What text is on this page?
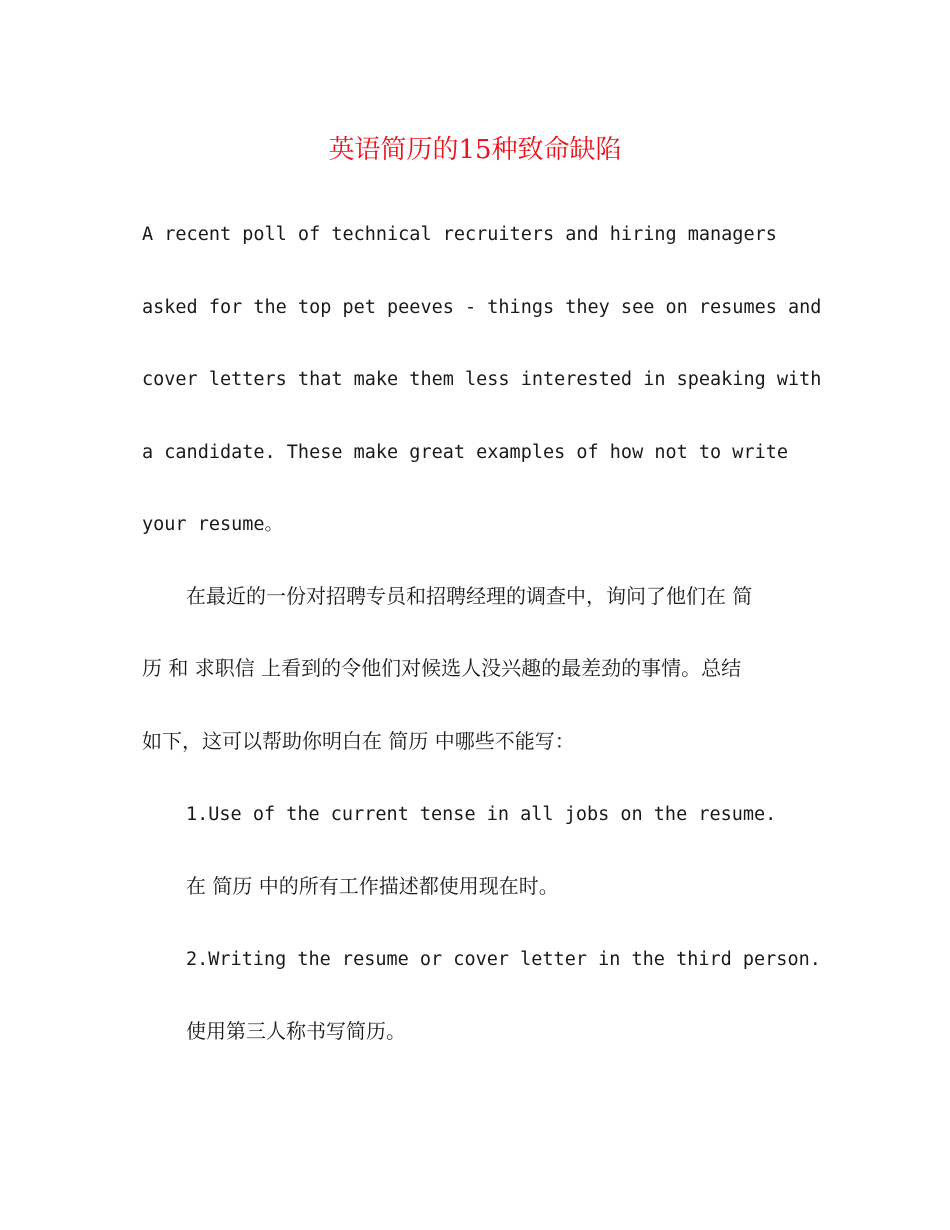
英语简历的15种致命缺陷

A recent poll of technical recruiters and hiring managers

asked for the top pet peeves - things they see on resumes and

cover letters that make them less interested in speaking with

a candidate. These make great examples of how not to write

your resume。

在最近的一份对招聘专员和招聘经理的调查中，询问了他们在 简

历 和 求职信 上看到的令他们对候选人没兴趣的最差劲的事情。总结

如下，这可以帮助你明白在 简历 中哪些不能写：

1.Use of the current tense in all jobs on the resume.

在 简历 中的所有工作描述都使用现在时。

2.Writing the resume or cover letter in the third person.

使用第三人称书写简历。
